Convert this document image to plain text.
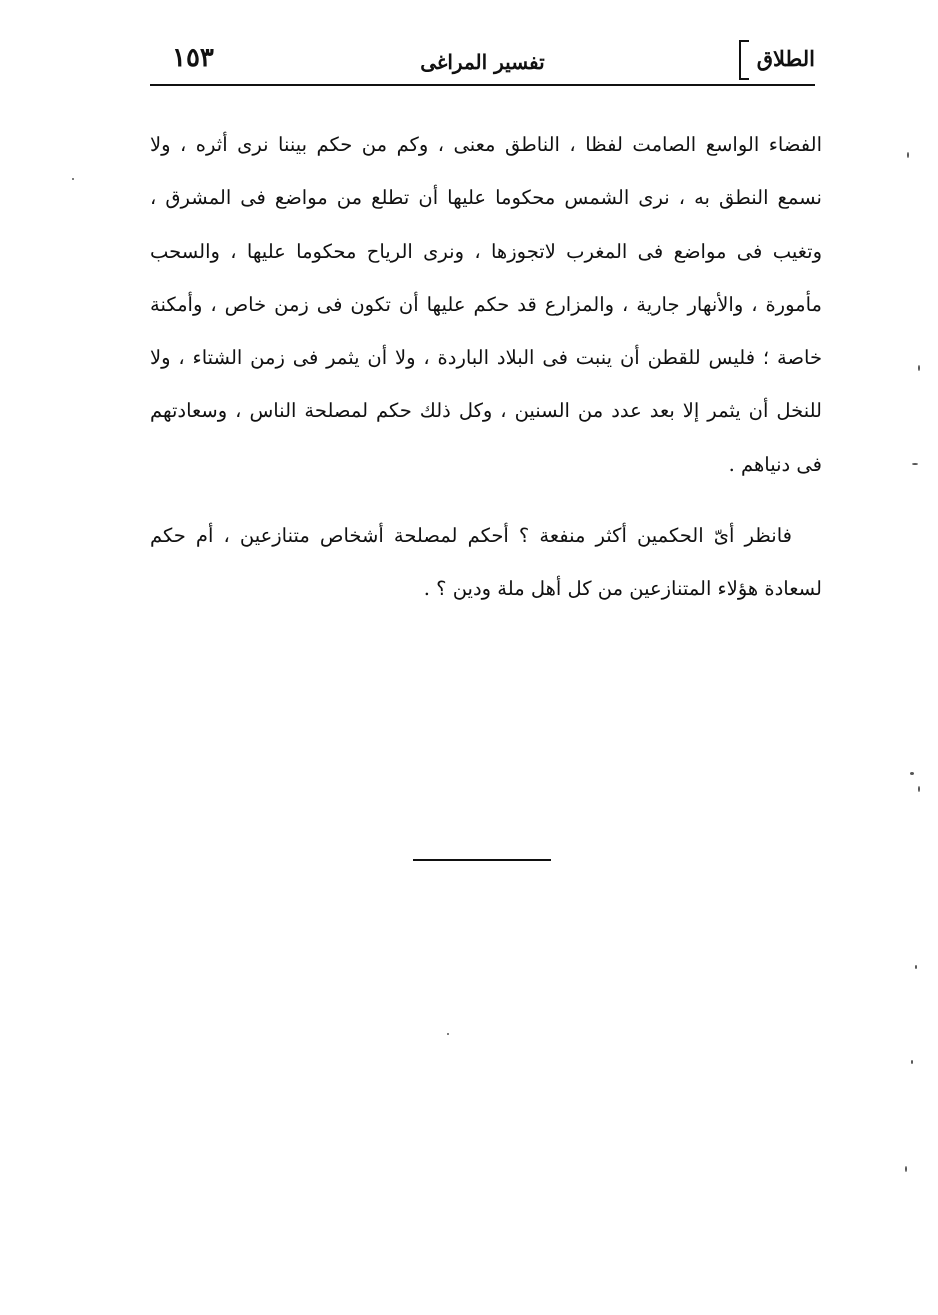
الطلاق
تفسير المراغى
١٥٣

الفضاء الواسع الصامت لفظا ، الناطق معنى ، وكم من حكم بيننا نرى أثره ، ولا نسمع النطق به ، نرى الشمس محكوما عليها أن تطلع من مواضع فى المشرق ، وتغيب فى مواضع فى المغرب لاتجوزها ، ونرى الرياح محكوما عليها ، والسحب مأمورة ، والأنهار جارية ، والمزارع قد حكم عليها أن تكون فى زمن خاص ، وأمكنة خاصة ؛ فليس للقطن أن ينبت فى البلاد الباردة ، ولا أن يثمر فى زمن الشتاء ، ولا للنخل أن يثمر إلا بعد عدد من السنين ، وكل ذلك حكم لمصلحة الناس ، وسعادتهم فى دنياهم .

فانظر أىّ الحكمين أكثر منفعة ؟ أحكم لمصلحة أشخاص متنازعين ، أم حكم لسعادة هؤلاء المتنازعين من كل أهل ملة ودين ؟ .
